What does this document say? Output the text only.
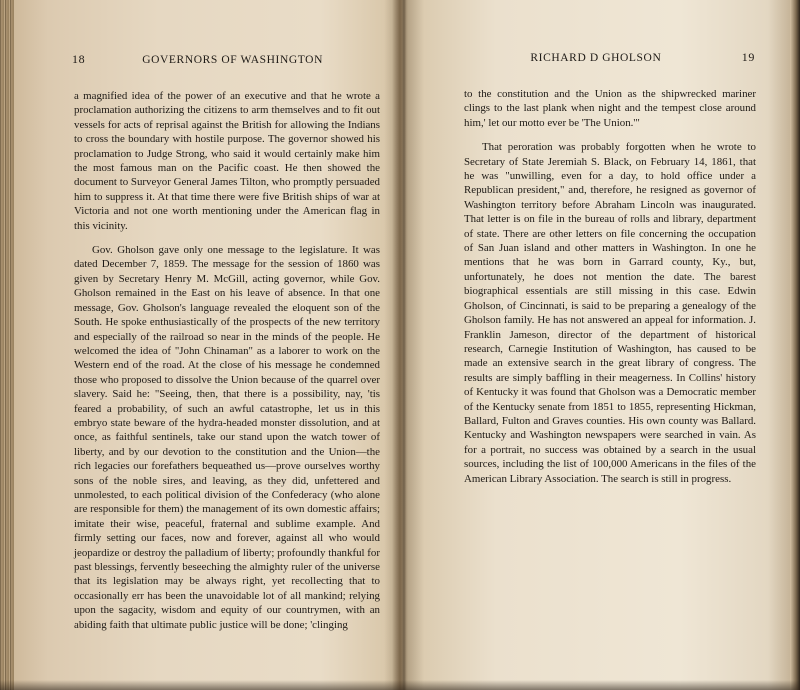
18	GOVERNORS OF WASHINGTON

a magnified idea of the power of an executive and that he wrote a proclamation authorizing the citizens to arm themselves and to fit out vessels for acts of reprisal against the British for allowing the Indians to cross the boundary with hostile purpose. The governor showed his proclamation to Judge Strong, who said it would certainly make him the most famous man on the Pacific coast. He then showed the document to Surveyor General James Tilton, who promptly persuaded him to suppress it. At that time there were five British ships of war at Victoria and not one worth mentioning under the American flag in this vicinity.

Gov. Gholson gave only one message to the legislature. It was dated December 7, 1859. The message for the session of 1860 was given by Secretary Henry M. McGill, acting governor, while Gov. Gholson remained in the East on his leave of absence. In that one message, Gov. Gholson's language revealed the eloquent son of the South. He spoke enthusiastically of the prospects of the new territory and especially of the railroad so near in the minds of the people. He welcomed the idea of "John Chinaman" as a laborer to work on the Western end of the road. At the close of his message he condemned those who proposed to dissolve the Union because of the quarrel over slavery. Said he: "Seeing, then, that there is a possibility, nay, 'tis feared a probability, of such an awful catastrophe, let us in this embryo state beware of the hydra-headed monster dissolution, and at once, as faithful sentinels, take our stand upon the watch tower of liberty, and by our devotion to the constitution and the Union—the rich legacies our forefathers bequeathed us—prove ourselves worthy sons of the noble sires, and leaving, as they did, unfettered and unmolested, to each political division of the Confederacy (who alone are responsible for them) the management of its own domestic affairs; imitate their wise, peaceful, fraternal and sublime example. And firmly setting our faces, now and forever, against all who would jeopardize or destroy the palladium of liberty; profoundly thankful for past blessings, fervently beseeching the almighty ruler of the universe that its legislation may be always right, yet recollecting that to occasionally err has been the unavoidable lot of all mankind; relying upon the sagacity, wisdom and equity of our countrymen, with an abiding faith that ultimate public justice will be done; 'clinging

RICHARD D GHOLSON	19

to the constitution and the Union as the shipwrecked mariner clings to the last plank when night and the tempest close around him,' let our motto ever be 'The Union.'"

That peroration was probably forgotten when he wrote to Secretary of State Jeremiah S. Black, on February 14, 1861, that he was "unwilling, even for a day, to hold office under a Republican president," and, therefore, he resigned as governor of Washington territory before Abraham Lincoln was inaugurated. That letter is on file in the bureau of rolls and library, department of state. There are other letters on file concerning the occupation of San Juan island and other matters in Washington. In one he mentions that he was born in Garrard county, Ky., but, unfortunately, he does not mention the date. The barest biographical essentials are still missing in this case. Edwin Gholson, of Cincinnati, is said to be preparing a genealogy of the Gholson family. He has not answered an appeal for information. J. Franklin Jameson, director of the department of historical research, Carnegie Institution of Washington, has caused to be made an extensive search in the great library of congress. The results are simply baffling in their meagerness. In Collins' history of Kentucky it was found that Gholson was a Democratic member of the Kentucky senate from 1851 to 1855, representing Hickman, Ballard, Fulton and Graves counties. His own county was Ballard. Kentucky and Washington newspapers were searched in vain. As for a portrait, no success was obtained by a search in the usual sources, including the list of 100,000 Americans in the files of the American Library Association. The search is still in progress.
